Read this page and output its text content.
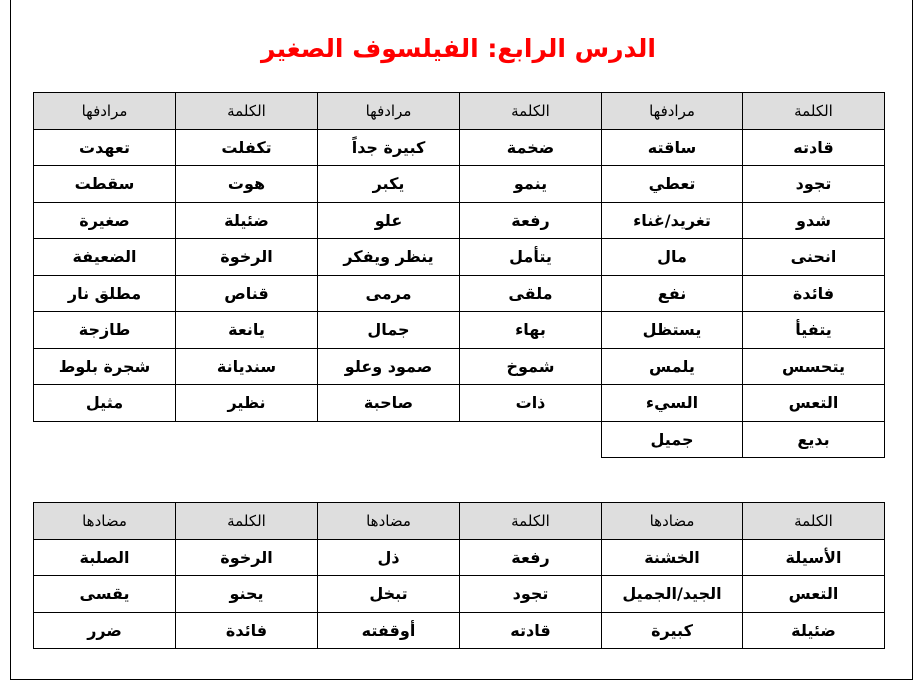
الدرس الرابع: الفيلسوف الصغير
الكلمة	مرادفها	الكلمة	مرادفها	الكلمة	مرادفها
قادته	ساقته	ضخمة	كبيرة جداً	تكفلت	تعهدت
تجود	تعطي	ينمو	يكبر	هوت	سقطت
شدو	تغريد/غناء	رفعة	علو	ضئيلة	صغيرة
انحنى	مال	يتأمل	ينظر ويفكر	الرخوة	الضعيفة
فائدة	نفع	ملقى	مرمى	قناص	مطلق نار
يتفيأ	يستظل	بهاء	جمال	يانعة	طازجة
يتحسس	يلمس	شموخ	صمود وعلو	سنديانة	شجرة بلوط
التعس	السيء	ذات	صاحبة	نظير	مثيل
بديع	جميل				
الكلمة	مضادها	الكلمة	مضادها	الكلمة	مضادها
الأسيلة	الخشنة	رفعة	ذل	الرخوة	الصلبة
التعس	الجيد/الجميل	تجود	تبخل	يحنو	يقسى
ضئيلة	كبيرة	قادته	أوقفته	فائدة	ضرر
